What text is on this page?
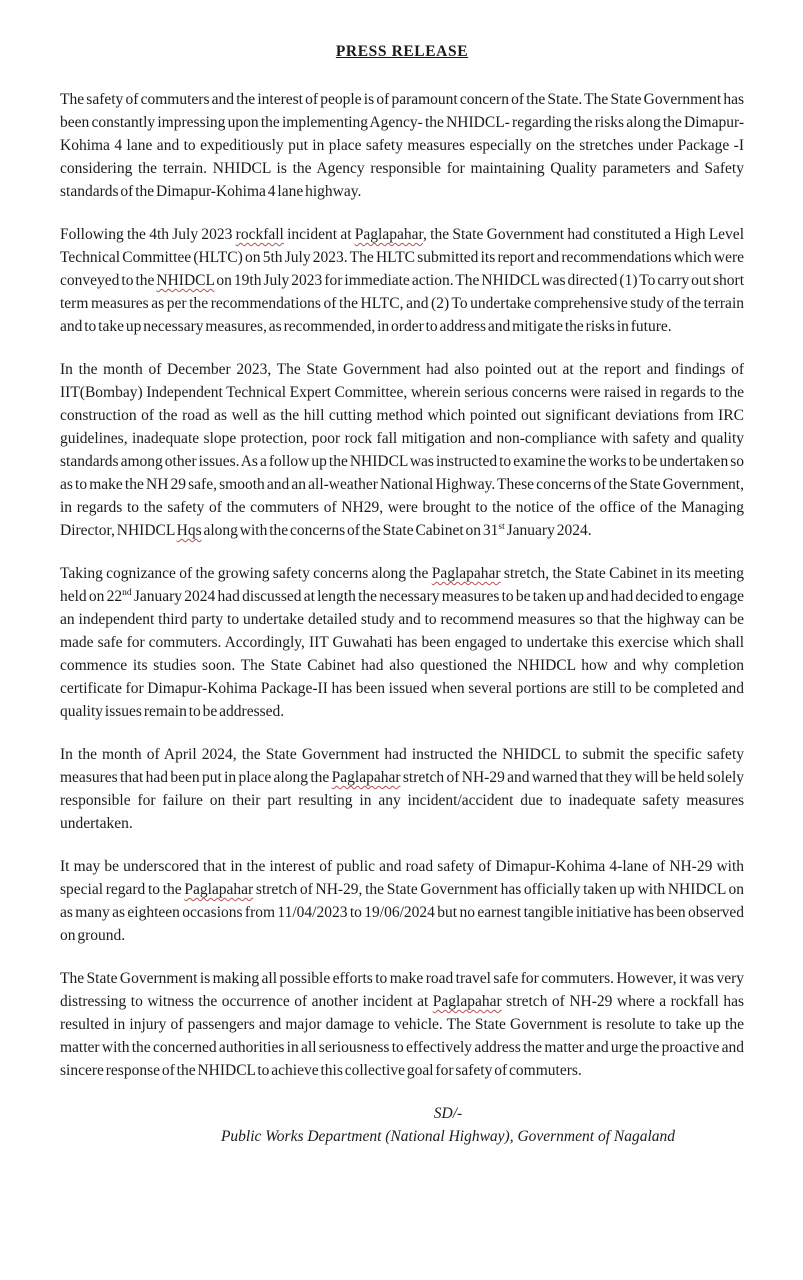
PRESS RELEASE

The safety of commuters and the interest of people is of paramount concern of the State. The State Government has been constantly impressing upon the implementing Agency- the NHIDCL- regarding the risks along the Dimapur- Kohima 4 lane and to expeditiously put in place safety measures especially on the stretches under Package -I considering the terrain. NHIDCL is the Agency responsible for maintaining Quality parameters and Safety standards of the Dimapur-Kohima 4 lane highway.

Following the 4th July 2023 rockfall incident at Paglapahar, the State Government had constituted a High Level Technical Committee (HLTC) on 5th July 2023. The HLTC submitted its report and recommendations which were conveyed to the NHIDCL on 19th July 2023 for immediate action. The NHIDCL was directed (1) To carry out short term measures as per the recommendations of the HLTC, and (2) To undertake comprehensive study of the terrain and to take up necessary measures, as recommended, in order to address and mitigate the risks in future.

In the month of December 2023, The State Government had also pointed out at the report and findings of IIT(Bombay) Independent Technical Expert Committee, wherein serious concerns were raised in regards to the construction of the road as well as the hill cutting method which pointed out significant deviations from IRC guidelines, inadequate slope protection, poor rock fall mitigation and non-compliance with safety and quality standards among other issues. As a follow up the NHIDCL was instructed to examine the works to be undertaken so as to make the NH 29 safe, smooth and an all-weather National Highway. These concerns of the State Government, in regards to the safety of the commuters of NH29, were brought to the notice of the office of the Managing Director, NHIDCL Hqs along with the concerns of the State Cabinet on 31st January 2024.

Taking cognizance of the growing safety concerns along the Paglapahar stretch, the State Cabinet in its meeting held on 22nd January 2024 had discussed at length the necessary measures to be taken up and had decided to engage an independent third party to undertake detailed study and to recommend measures so that the highway can be made safe for commuters. Accordingly, IIT Guwahati has been engaged to undertake this exercise which shall commence its studies soon. The State Cabinet had also questioned the NHIDCL how and why completion certificate for Dimapur-Kohima Package-II has been issued when several portions are still to be completed and quality issues remain to be addressed.

In the month of April 2024, the State Government had instructed the NHIDCL to submit the specific safety measures that had been put in place along the Paglapahar stretch of NH-29 and warned that they will be held solely responsible for failure on their part resulting in any incident/accident due to inadequate safety measures undertaken.

It may be underscored that in the interest of public and road safety of Dimapur-Kohima 4-lane of NH-29 with special regard to the Paglapahar stretch of NH-29, the State Government has officially taken up with NHIDCL on as many as eighteen occasions from 11/04/2023 to 19/06/2024 but no earnest tangible initiative has been observed on ground.

The State Government is making all possible efforts to make road travel safe for commuters. However, it was very distressing to witness the occurrence of another incident at Paglapahar stretch of NH-29 where a rockfall has resulted in injury of passengers and major damage to vehicle. The State Government is resolute to take up the matter with the concerned authorities in all seriousness to effectively address the matter and urge the proactive and sincere response of the NHIDCL to achieve this collective goal for safety of commuters.

SD/-
Public Works Department (National Highway), Government of Nagaland
